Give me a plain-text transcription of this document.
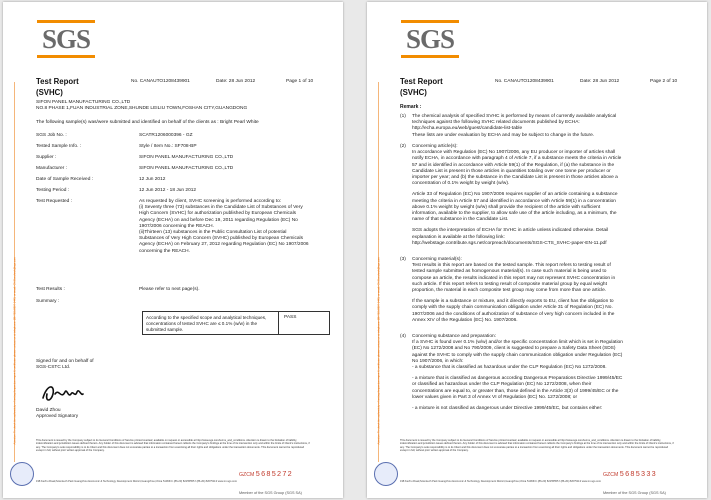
SGS
Attention: To check the authenticity of testing /inspection report & certificate, please contact us at telephone: (86-755) 8307 1443, or email: CN.Doccheck@sgs.com
Test Report
(SVHC)
No. CANAUTO1208439901	Date: 28 Jun 2012	Page 1 of 10
SIFON PANEL MANUFACTURING CO.,LTD
NO.8 PHASE 1,FUAN INDUSTRIAL ZONE,SHUNDE LEILIU TOWN,FOSHAN CITY,GUANGDONG
The following sample(s) was/were submitted and identified on behalf of the clients as : Bright Pearl White
SGS Job No. :	SCATR1206000396 - GZ
Tested Sample Info. :	Style / Item No.: SF708-BP
Supplier :	SIFON PANEL MANUFACTURING CO.,LTD
Manufacturer :	SIFON PANEL MANUFACTURING CO.,LTD
Date of Sample Received :	12 Jun 2012
Testing Period :	12 Jun 2012 - 18 Jun 2012
Test Requested :	As requested by client, SVHC screening is performed according to:
(i) Seventy three (73) substances in the Candidate List of Substances of Very
High Concern (SVHC) for authorization published by European Chemicals
Agency (ECHA) on and before Dec 19, 2011 regarding Regulation (EC) No
1907/2006 concerning the REACH.
(ii)Thirteen (13) substances in the Public Consultation List of potential
Substances of Very High Concern (SVHC) published by European Chemicals
Agency (ECHA) on February 27, 2012 regarding Regulation (EC) No 1907/2006
concerning the REACH.
Test Results :	Please refer to next page(s).
Summary :
According to the specified scope and analytical techniques, concentrations of tested SVHC are ≤ 0.1% (w/w) in the submitted sample.
PASS
Signed for and on behalf of
SGS-CSTC Ltd.
David Zhou
Approved Signatory
This document is issued by the Company subject to its General Conditions of Service printed overleaf, available on request or accessible at http://www.sgs.com/terms_and_conditions. Attention is drawn to the limitation of liability, indemnification and jurisdiction issues defined therein. Any holder of this document is advised that information contained hereon reflects the Company's findings at the time of its intervention only and within the limits of Client's instructions, if any. The Company's sole responsibility is to its Client and this document does not exonerate parties to a transaction from exercising all their rights and obligations under the transaction documents. This document cannot be reproduced except in full, without prior written approval of the Company.
GZCM 5685272
198 Kezhu Road,Scientech Park Guangzhou Economic & Technology Development District,Guangzhou,China 510663 t (86-20) 82155555 f (86-20) 82075113 www.cn.sgs.com
Member of the SGS Group (SGS SA)
SGS
Attention: To check the authenticity of testing /inspection report & certificate, please contact us at telephone: (86-755) 8307 1443, or email: CN.Doccheck@sgs.com
Test Report
(SVHC)
No. CANAUTO1208439901	Date: 28 Jun 2012	Page 2 of 10
Remark :
(1) The chemical analysis of specified SVHC is performed by means of currently available analytical
techniques against the following SVHC related documents published by ECHA:
http://echa.europa.eu/web/guest/candidate-list-table
These lists are under evaluation by ECHA and may be subject to change in the future.
(2) Concerning article(s):
In accordance with Regulation (EC) No 1907/2006, any EU producer or importer of articles shall
notify ECHA, in accordance with paragraph 4 of Article 7, if a substance meets the criteria in Article
57 and is identified in accordance with Article 59(1) of the Regulation, if (a) the substance in the
Candidate List is present in those articles in quantities totaling over one tonne per producer or
importer per year; and (b) the substance in the Candidate List is present in those articles above a
concentration of 0.1% weight by weight (w/w).
Article 33 of Regulation (EC) No 1907/2006 requires supplier of an article containing a substance
meeting the criteria in Article 57 and identified in accordance with Article 59(1) in a concentration
above 0.1% weight by weight (w/w) shall provide the recipient of the article with sufficient
information, available to the supplier, to allow safe use of the article including, as a minimum, the
name of that substance in the Candidate List.
SGS adopts the interpretation of ECHA for SVHC in article unless indicated otherwise. Detail
explanation is available at the following link:
http://webstage.contribute.sgs.net/corpreach/documents/SGS-CTS_SVHC-paper-EN-11.pdf
(3) Concerning material(s):
Test results in this report are based on the tested sample. This report refers to testing result of
tested sample submitted as homogenous material(s). In case such material is being used to
compose an article, the results indicated in this report may not represent SVHC concentration in
such article. If this report refers to testing result of composite material group by equal weight
proportion, the material in each composite test group may come from more than one article.
If the sample is a substance or mixture, and it directly exports to EU, client has the obligation to
comply with the supply chain communication obligation under Article 31 of Regulation (EC) No.
1907/2006 and the conditions of authorization of substance of very high concern included in the
Annex XIV of the Regulation (EC) No. 1907/2006.
(4) Concerning substance and preparation:
If a SVHC is found over 0.1% (w/w) and/or the specific concentration limit which is set in Regulation
(EC) No 1272/2008 and No 790/2009, client is suggested to prepare a Safety Data Sheet (SDS)
against the SVHC to comply with the supply chain communication obligation under Regulation (EC)
No 1907/2006, in which:
- a substance that is classified as hazardous under the CLP Regulation (EC) No 1272/2008.
- a mixture that is classified as dangerous according Dangerous Preparations Directive 1999/45/EC
or classified as hazardous under the CLP Regulation (EC) No 1272/2008, when their
concentrations are equal to, or greater than, those defined in the Article 3(3) of 1999/45/EC or the
lower values given in Part 3 of Annex VI of Regulation (EC) No. 1272/2008; or
- a mixture is not classified as dangerous under Directive 1999/45/EC, but contains either:
This document is issued by the Company subject to its General Conditions of Service printed overleaf, available on request or accessible at http://www.sgs.com/terms_and_conditions. Attention is drawn to the limitation of liability, indemnification and jurisdiction issues defined therein. Any holder of this document is advised that information contained hereon reflects the Company's findings at the time of its intervention only and within the limits of Client's instructions, if any. The Company's sole responsibility is to its Client and this document does not exonerate parties to a transaction from exercising all their rights and obligations under the transaction documents. This document cannot be reproduced except in full, without prior written approval of the Company.
GZCM 5685333
198 Kezhu Road,Scientech Park Guangzhou Economic & Technology Development District,Guangzhou,China 510663 t (86-20) 82155555 f (86-20) 82075113 www.cn.sgs.com
Member of the SGS Group (SGS SA)
